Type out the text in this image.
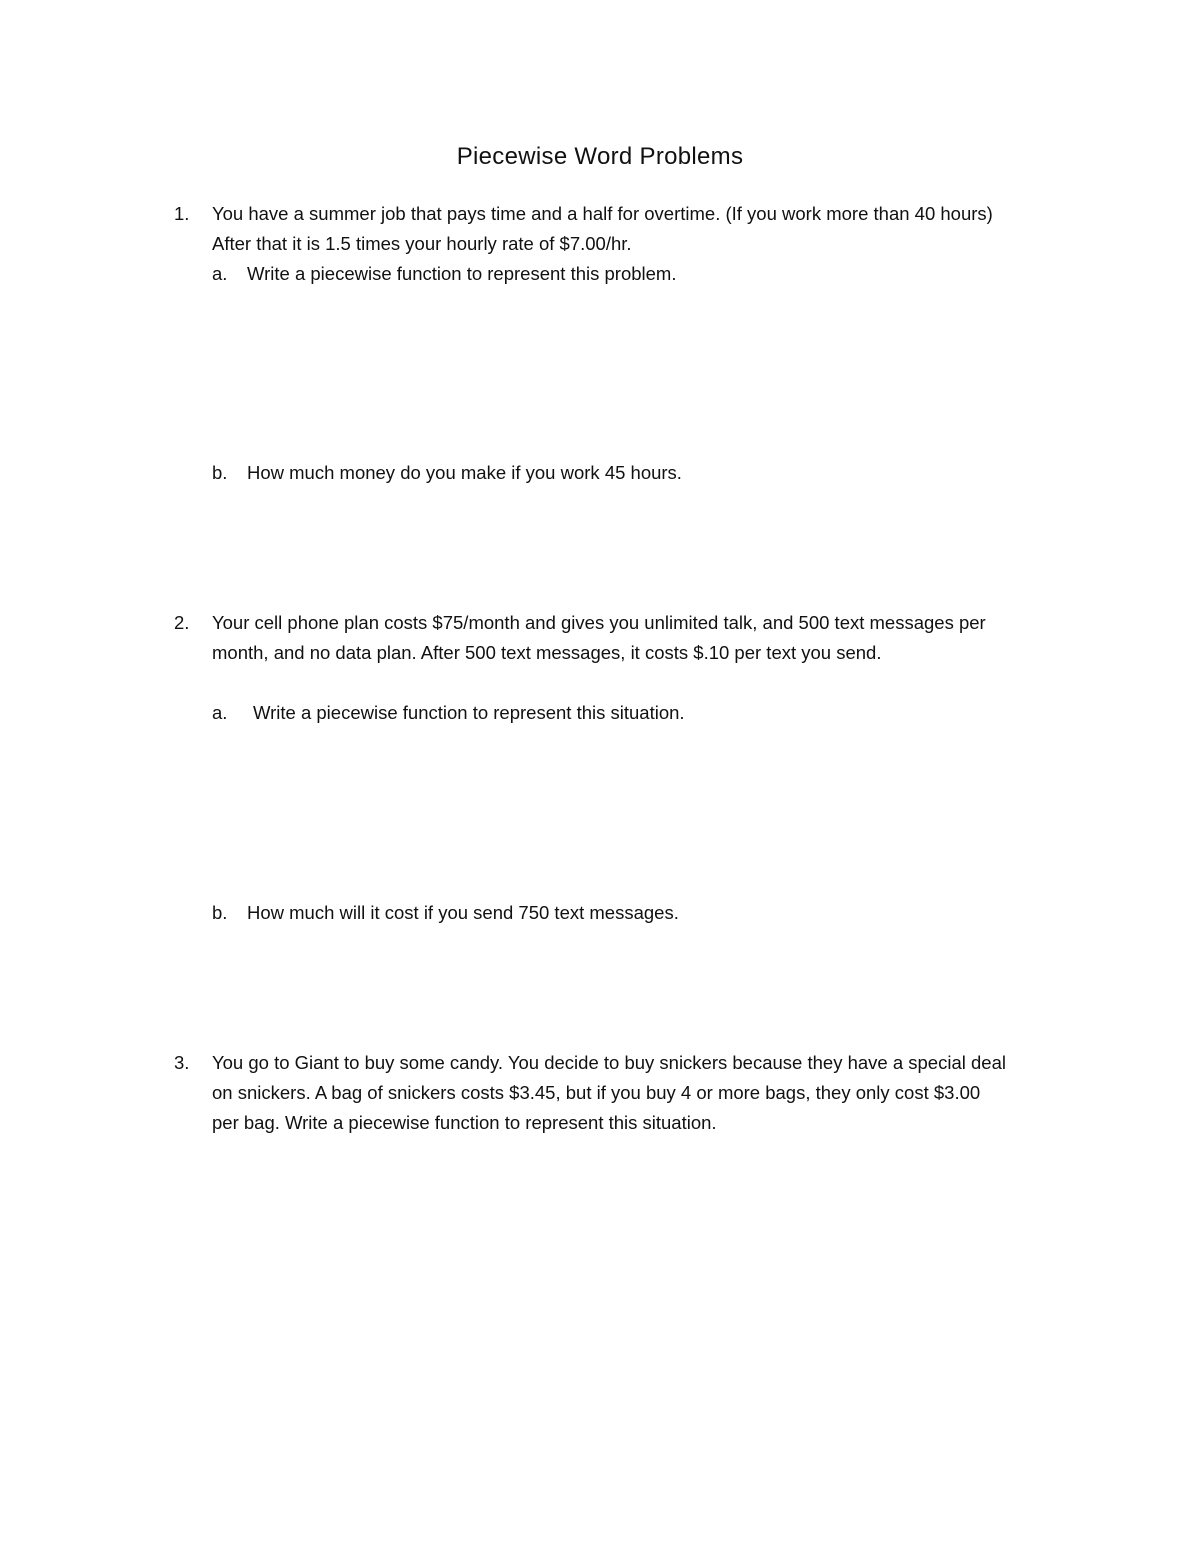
Piecewise Word Problems
1.	You have a summer job that pays time and a half for overtime. (If you work more than 40 hours)
After that it is 1.5 times your hourly rate of $7.00/hr.
a.	Write a piecewise function to represent this problem.
b.	How much money do you make if you work 45 hours.
2.	Your cell phone plan costs $75/month and gives you unlimited talk, and 500 text messages per
month, and no data plan. After 500 text messages, it costs $.10 per text you send.
a.	Write a piecewise function to represent this situation.
b.	How much will it cost if you send 750 text messages.
3.	You go to Giant to buy some candy. You decide to buy snickers because they have a special deal
on snickers. A bag of snickers costs $3.45, but if you buy 4 or more bags, they only cost $3.00
per bag. Write a piecewise function to represent this situation.
